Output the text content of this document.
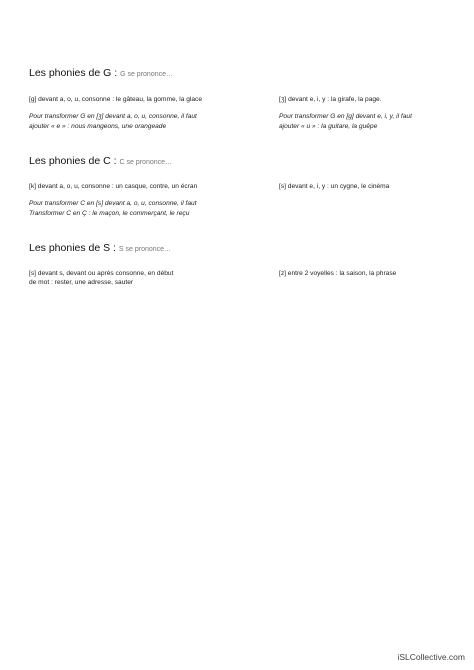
Les phonies de G : G se prononce…
[g] devant a, o, u, consonne : le gâteau, la gomme, la glace
Pour transformer G en [ʒ] devant a, o, u, consonne, il faut
ajouter « e » : nous mangeons, une orangeade
[ʒ] devant e, i, y : la girafe, la page.
Pour transformer G en [g] devant e, i, y, il faut
ajouter « u » : la guitare, la guêpe
Les phonies de C : C se prononce…
[k] devant a, o, u, consonne : un casque, contre, un écran
Pour transformer C en [s] devant a, o, u, consonne, il faut
Transformer C en Ç : le maçon, le commerçant, le reçu
[s] devant e, i, y : un cygne, le cinéma
Les phonies de S : S se prononce…
[s] devant s, devant ou après consonne, en début
de mot : rester, une adresse, sauter
[z] entre 2 voyelles : la saison, la phrase
iSLCollective.com
